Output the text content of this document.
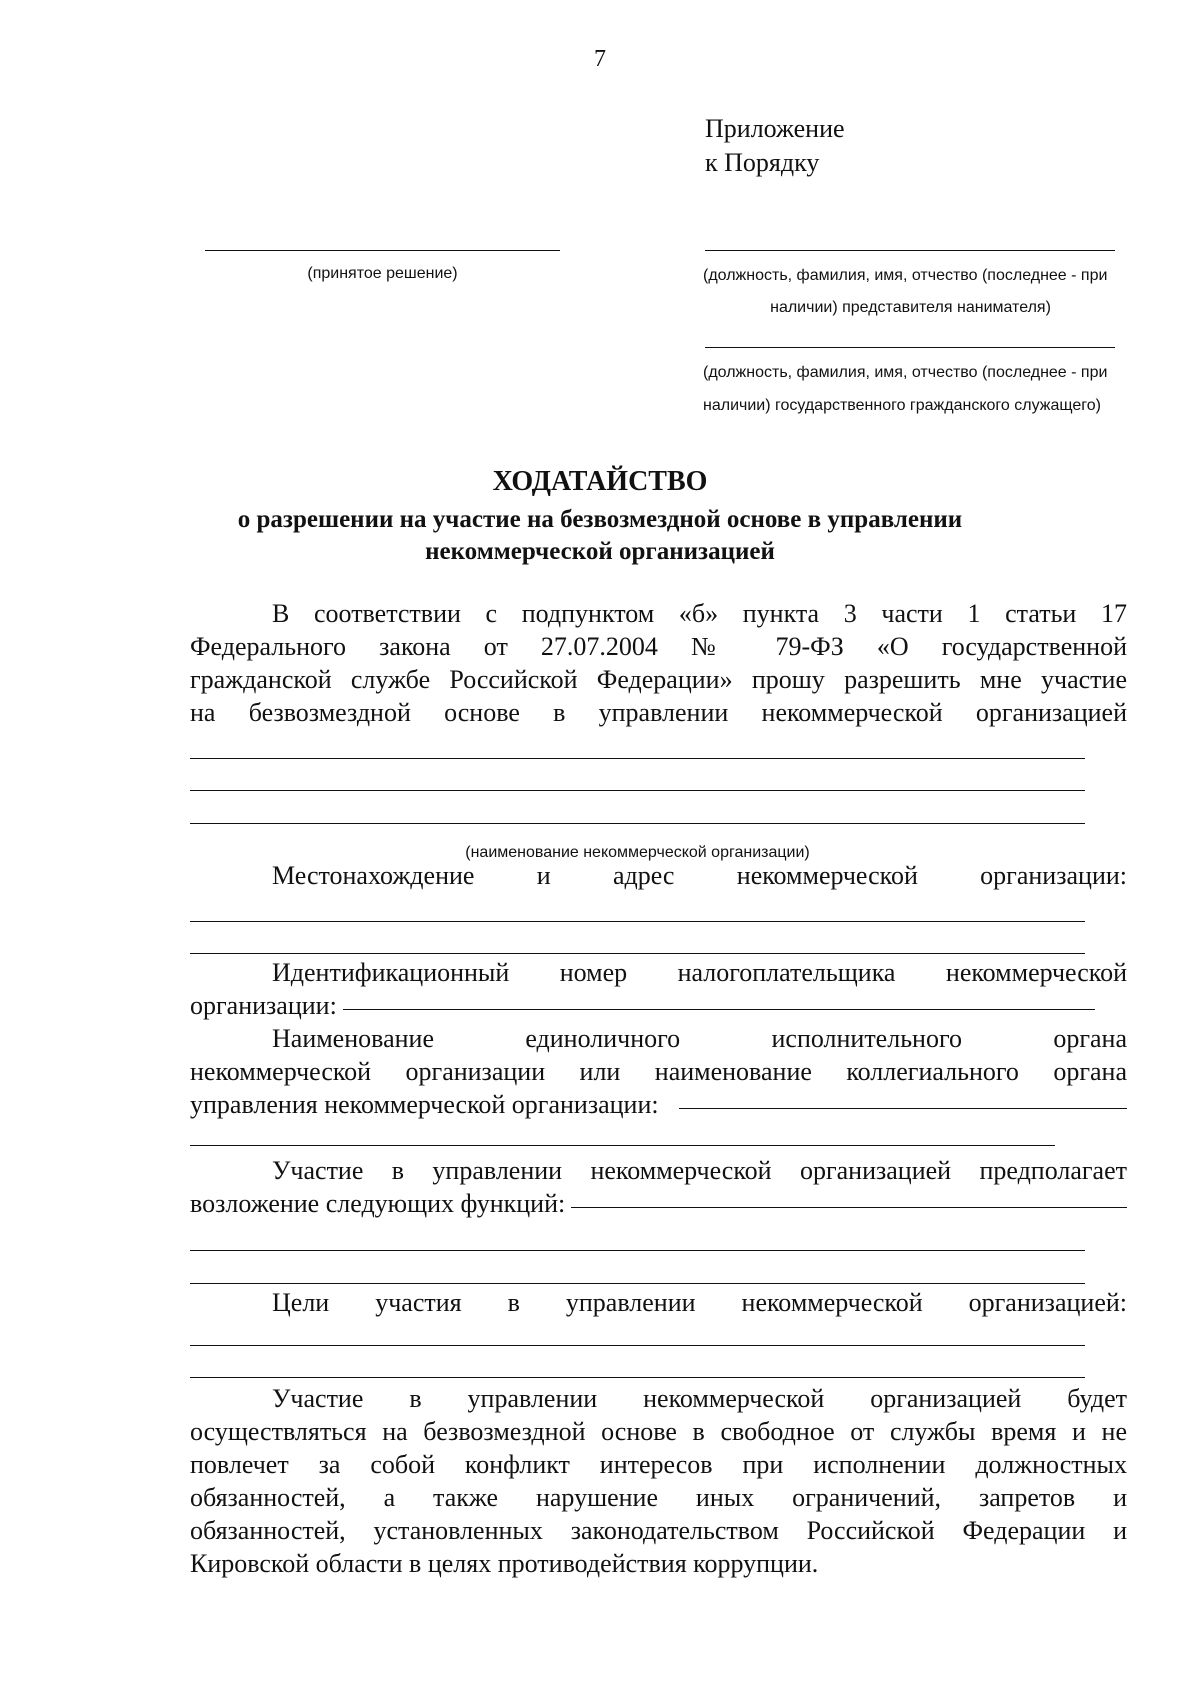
7
Приложение
к Порядку
(принятое решение)	(должность, фамилия, имя, отчество (последнее - при
наличии) представителя нанимателя)
(должность, фамилия, имя, отчество (последнее - при
наличии) государственного гражданского служащего)
ХОДАТАЙСТВО
о разрешении на участие на безвозмездной основе в управлении
некоммерческой организацией
В соответствии с подпунктом «б» пункта 3 части 1 статьи 17
Федерального закона от 27.07.2004 № 79-ФЗ «О государственной
гражданской службе Российской Федерации» прошу разрешить мне участие
на безвозмездной основе в управлении некоммерческой организацией
(наименование некоммерческой организации)
Местонахождение и адрес некоммерческой организации:
Идентификационный номер налогоплательщика некоммерческой
организации:
Наименование единоличного исполнительного органа
некоммерческой организации или наименование коллегиального органа
управления некоммерческой организации:
Участие в управлении некоммерческой организацией предполагает
возложение следующих функций:
Цели участия в управлении некоммерческой организацией:
Участие в управлении некоммерческой организацией будет
осуществляться на безвозмездной основе в свободное от службы время и не
повлечет за собой конфликт интересов при исполнении должностных
обязанностей, а также нарушение иных ограничений, запретов и
обязанностей, установленных законодательством Российской Федерации и
Кировской области в целях противодействия коррупции.
